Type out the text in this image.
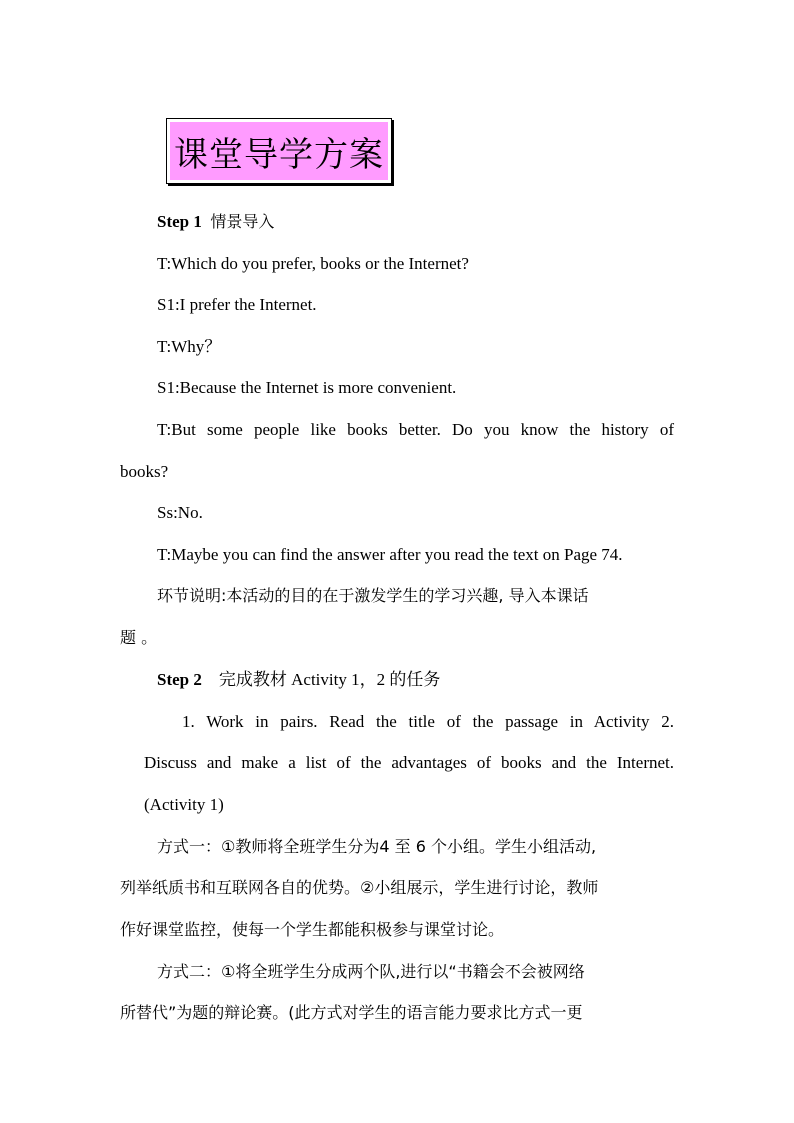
课堂导学方案
Step 1 情景导入
T:Which do you prefer, books or the Internet?
S1:I prefer the Internet.
T:Why？
S1:Because the Internet is more convenient.
T:But some people like books better. Do you know the history of
books?
Ss:No.
T:Maybe you can find the answer after you read the text on Page 74.
环节说明:本活动的目的在于激发学生的学习兴趣, 导入本课话
题 。
Step 2 完成教材 Activity 1，2 的任务
1. Work in pairs. Read the title of the passage in Activity 2.
Discuss and make a list of the advantages of books and the Internet.
(Activity 1)
方式一：①教师将全班学生分为4 至 6 个小组。学生小组活动,
列举纸质书和互联网各自的优势。②小组展示，学生进行讨论，教师
作好课堂监控，使每一个学生都能积极参与课堂讨论。
方式二：①将全班学生分成两个队,进行以“书籍会不会被网络
所替代”为题的辩论赛。(此方式对学生的语言能力要求比方式一更
